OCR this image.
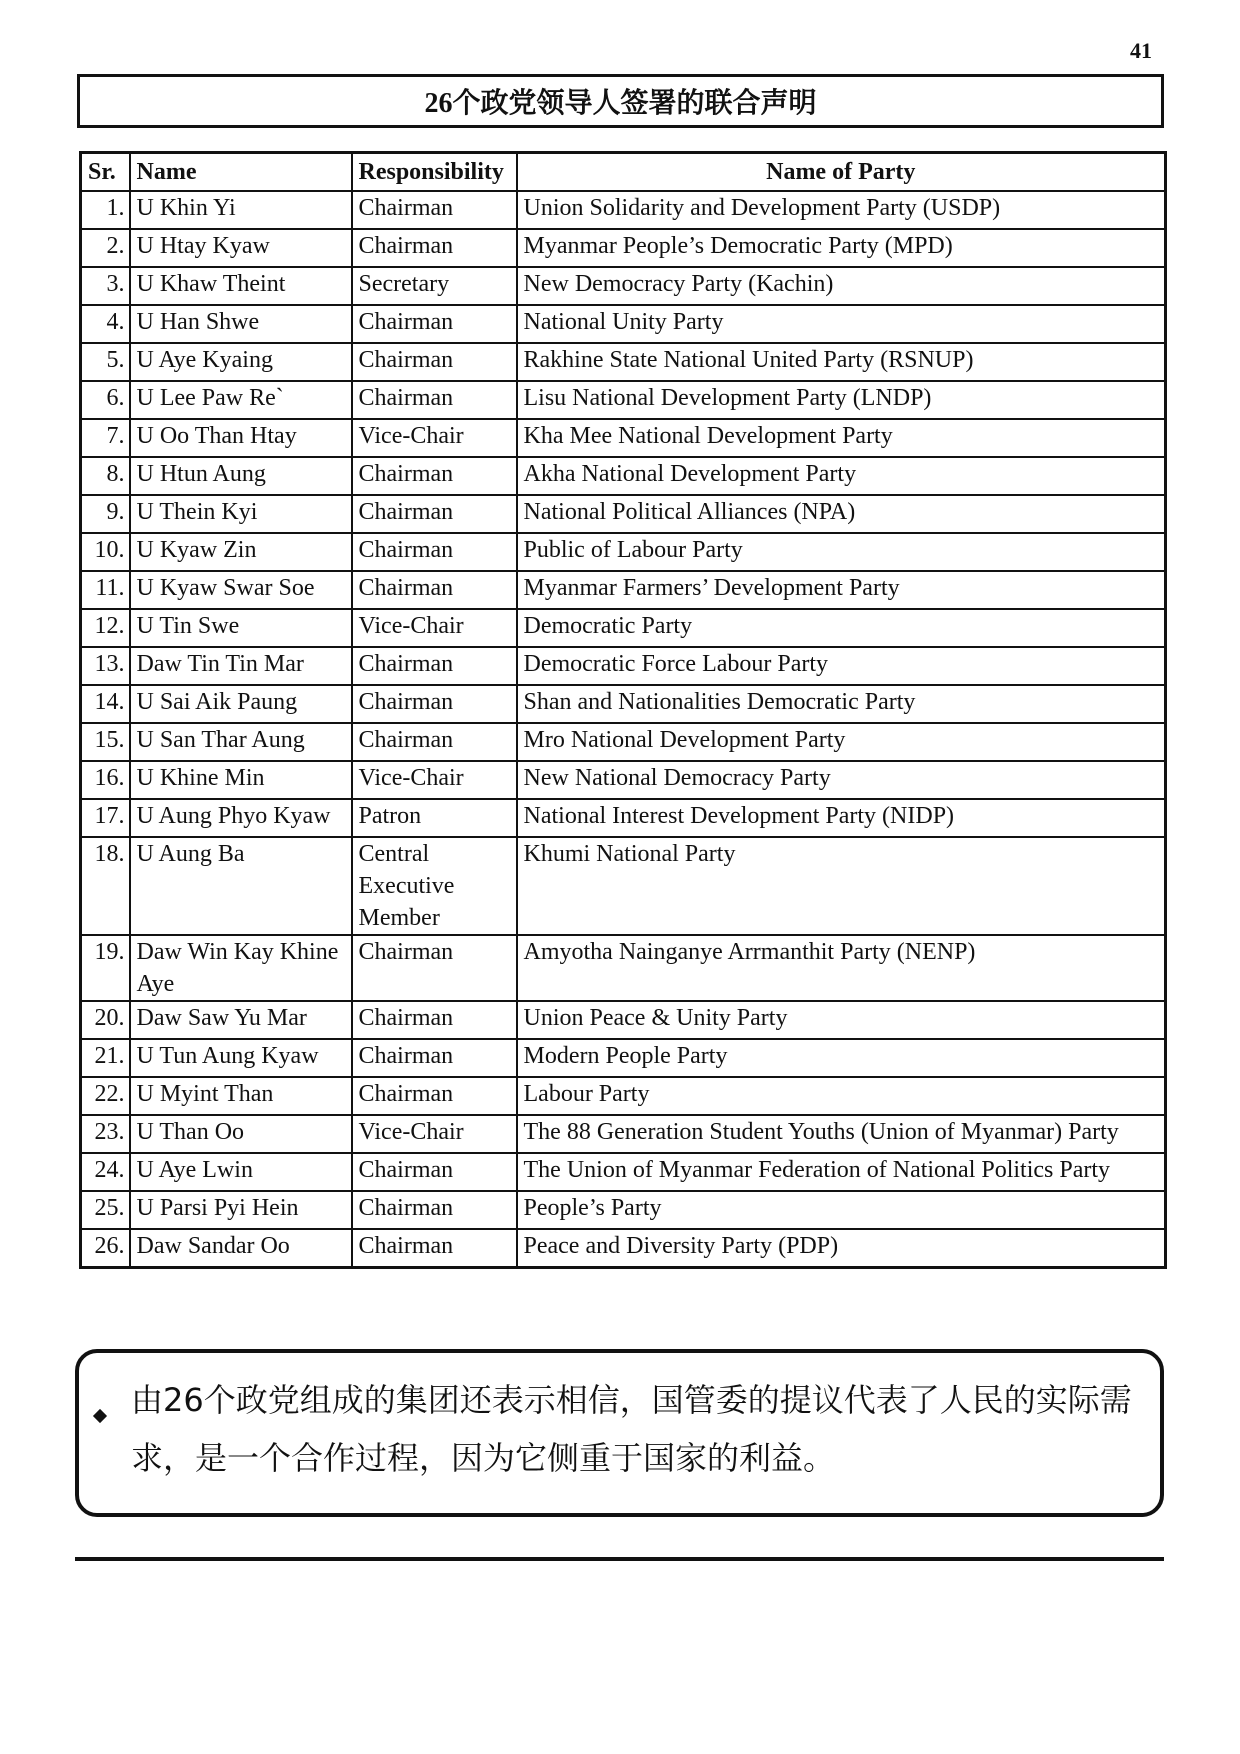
41
26个政党领导人签署的联合声明
Sr.	Name	Responsibility	Name of Party
1.	U Khin Yi	Chairman	Union Solidarity and Development Party (USDP)
2.	U Htay Kyaw	Chairman	Myanmar People’s Democratic Party (MPD)
3.	U Khaw Theint	Secretary	New Democracy Party (Kachin)
4.	U Han Shwe	Chairman	National Unity Party
5.	U Aye Kyaing	Chairman	Rakhine State National United Party (RSNUP)
6.	U Lee Paw Re`	Chairman	Lisu National Development Party (LNDP)
7.	U Oo Than Htay	Vice-Chair	Kha Mee National Development Party
8.	U Htun Aung	Chairman	Akha National Development Party
9.	U Thein Kyi	Chairman	National Political Alliances (NPA)
10.	U Kyaw Zin	Chairman	Public of Labour Party
11.	U Kyaw Swar Soe	Chairman	Myanmar Farmers’ Development Party
12.	U Tin Swe	Vice-Chair	Democratic Party
13.	Daw Tin Tin Mar	Chairman	Democratic Force Labour Party
14.	U Sai Aik Paung	Chairman	Shan and Nationalities Democratic Party
15.	U San Thar Aung	Chairman	Mro National Development Party
16.	U Khine Min	Vice-Chair	New National Democracy Party
17.	U Aung Phyo Kyaw	Patron	National Interest Development Party (NIDP)
18.	U Aung Ba	Central Executive Member	Khumi National Party
19.	Daw Win Kay Khine Aye	Chairman	Amyotha Nainganye Arrmanthit Party (NENP)
20.	Daw Saw Yu Mar	Chairman	Union Peace & Unity Party
21.	U Tun Aung Kyaw	Chairman	Modern People Party
22.	U Myint Than	Chairman	Labour Party
23.	U Than Oo	Vice-Chair	The 88 Generation Student Youths (Union of Myanmar) Party
24.	U Aye Lwin	Chairman	The Union of Myanmar Federation of National Politics Party
25.	U Parsi Pyi Hein	Chairman	People’s Party
26.	Daw Sandar Oo	Chairman	Peace and Diversity Party (PDP)
由26个政党组成的集团还表示相信，国管委的提议代表了人民的实际需求，是一个合作过程，因为它侧重于国家的利益。
